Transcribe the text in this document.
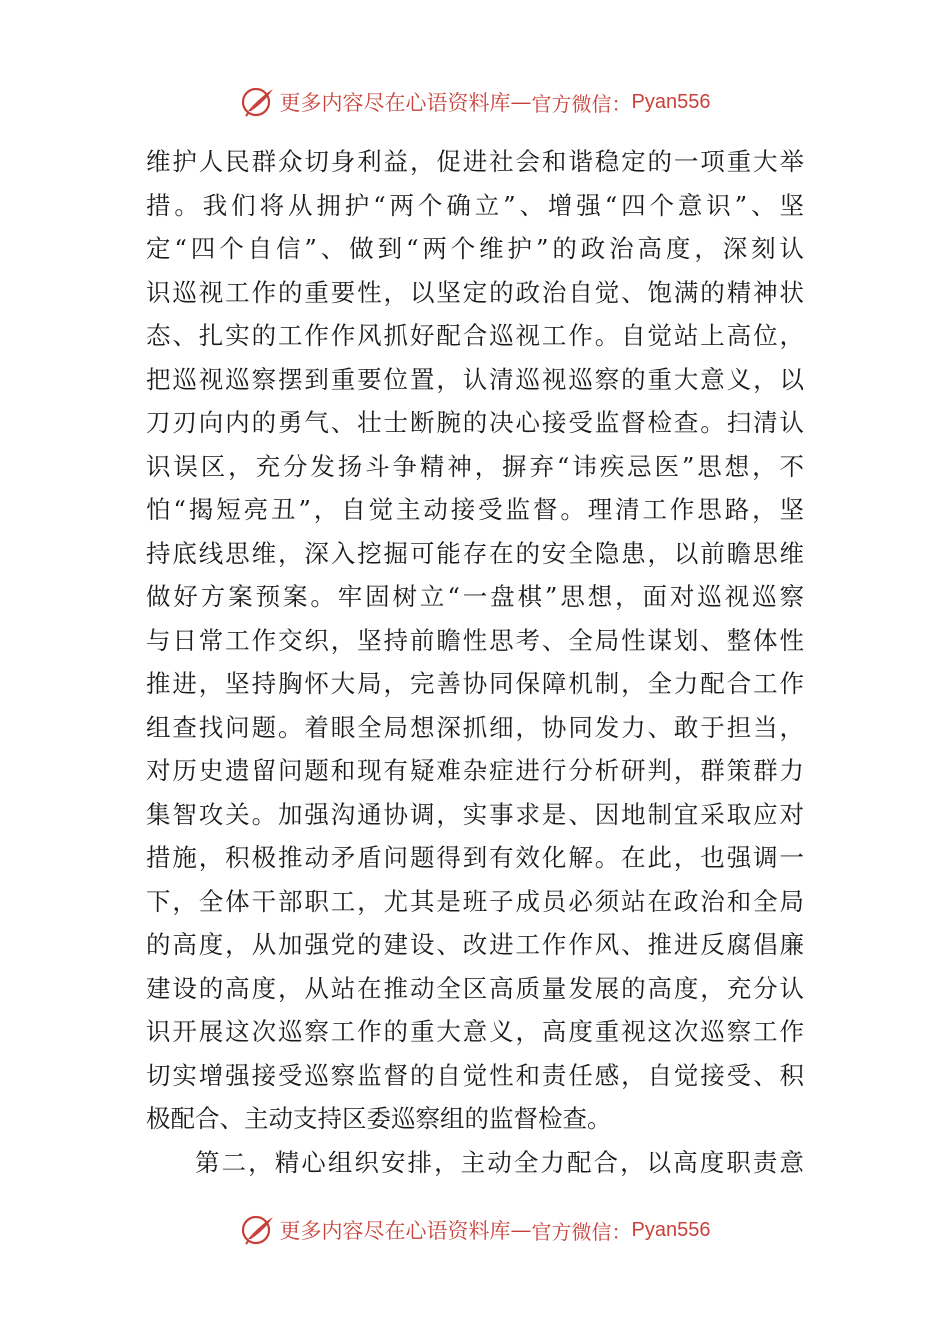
更多内容尽在心语资料库 — 官方微信： Pyan556
维护人民群众切身利益，促进社会和谐稳定的一项重大举
措。我们将从拥护“两个确立”、增强“四个意识”、坚
定“四个自信”、做到“两个维护”的政治高度，深刻认
识巡视工作的重要性，以坚定的政治自觉、饱满的精神状
态、扎实的工作作风抓好配合巡视工作。自觉站上高位，
把巡视巡察摆到重要位置，认清巡视巡察的重大意义，以
刀刃向内的勇气、壮士断腕的决心接受监督检查。扫清认
识误区，充分发扬斗争精神，摒弃“讳疾忌医”思想，不
怕“揭短亮丑”，自觉主动接受监督。理清工作思路，坚
持底线思维，深入挖掘可能存在的安全隐患，以前瞻思维
做好方案预案。牢固树立“一盘棋”思想，面对巡视巡察
与日常工作交织，坚持前瞻性思考、全局性谋划、整体性
推进，坚持胸怀大局，完善协同保障机制，全力配合工作
组查找问题。着眼全局想深抓细，协同发力、敢于担当，
对历史遗留问题和现有疑难杂症进行分析研判，群策群力
集智攻关。加强沟通协调，实事求是、因地制宜采取应对
措施，积极推动矛盾问题得到有效化解。在此，也强调一
下，全体干部职工，尤其是班子成员必须站在政治和全局
的高度，从加强党的建设、改进工作作风、推进反腐倡廉
建设的高度，从站在推动全区高质量发展的高度，充分认
识开展这次巡察工作的重大意义，高度重视这次巡察工作
切实增强接受巡察监督的自觉性和责任感，自觉接受、积
极配合、主动支持区委巡察组的监督检查。
第二，精心组织安排，主动全力配合，以高度职责意
更多内容尽在心语资料库 — 官方微信： Pyan556
